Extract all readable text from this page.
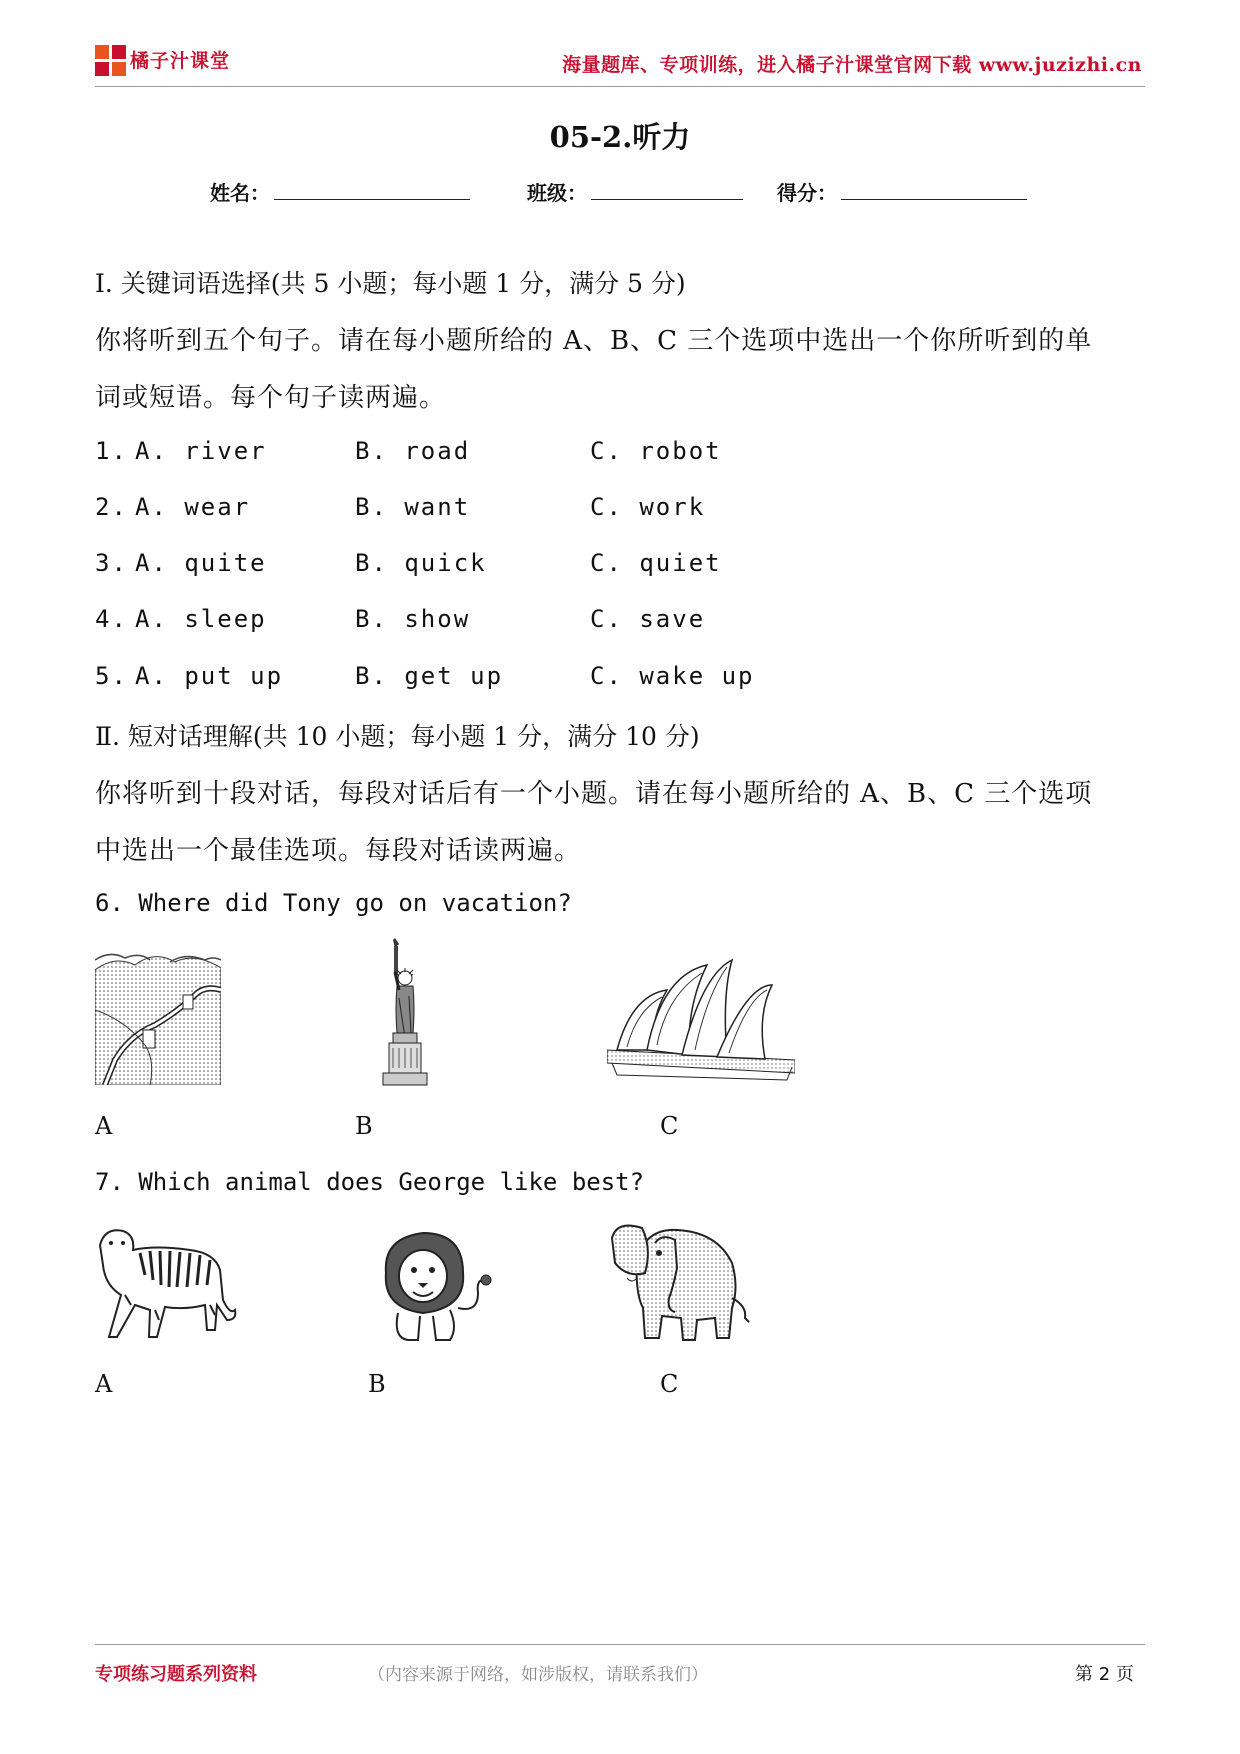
橘子汁课堂	海量题库、专项训练，进入橘子汁课堂官网下载 www.juzizhi.cn
05-2.听力
姓名：	班级：	得分：
Ⅰ. 关键词语选择(共 5 小题；每小题 1 分，满分 5 分)
你将听到五个句子。请在每小题所给的 A、B、C 三个选项中选出一个你所听到的单
词或短语。每个句子读两遍。
1. A. river	B. road	C. robot
2. A. wear	B. want	C. work
3. A. quite	B. quick	C. quiet
4. A. sleep	B. show	C. save
5. A. put up	B. get up	C. wake up
Ⅱ. 短对话理解(共 10 小题；每小题 1 分，满分 10 分)
你将听到十段对话，每段对话后有一个小题。请在每小题所给的 A、B、C 三个选项
中选出一个最佳选项。每段对话读两遍。
6. Where did Tony go on vacation?
A	B	C
7. Which animal does George like best?
A	B	C
专项练习题系列资料	（内容来源于网络，如涉版权，请联系我们）	第 2 页
